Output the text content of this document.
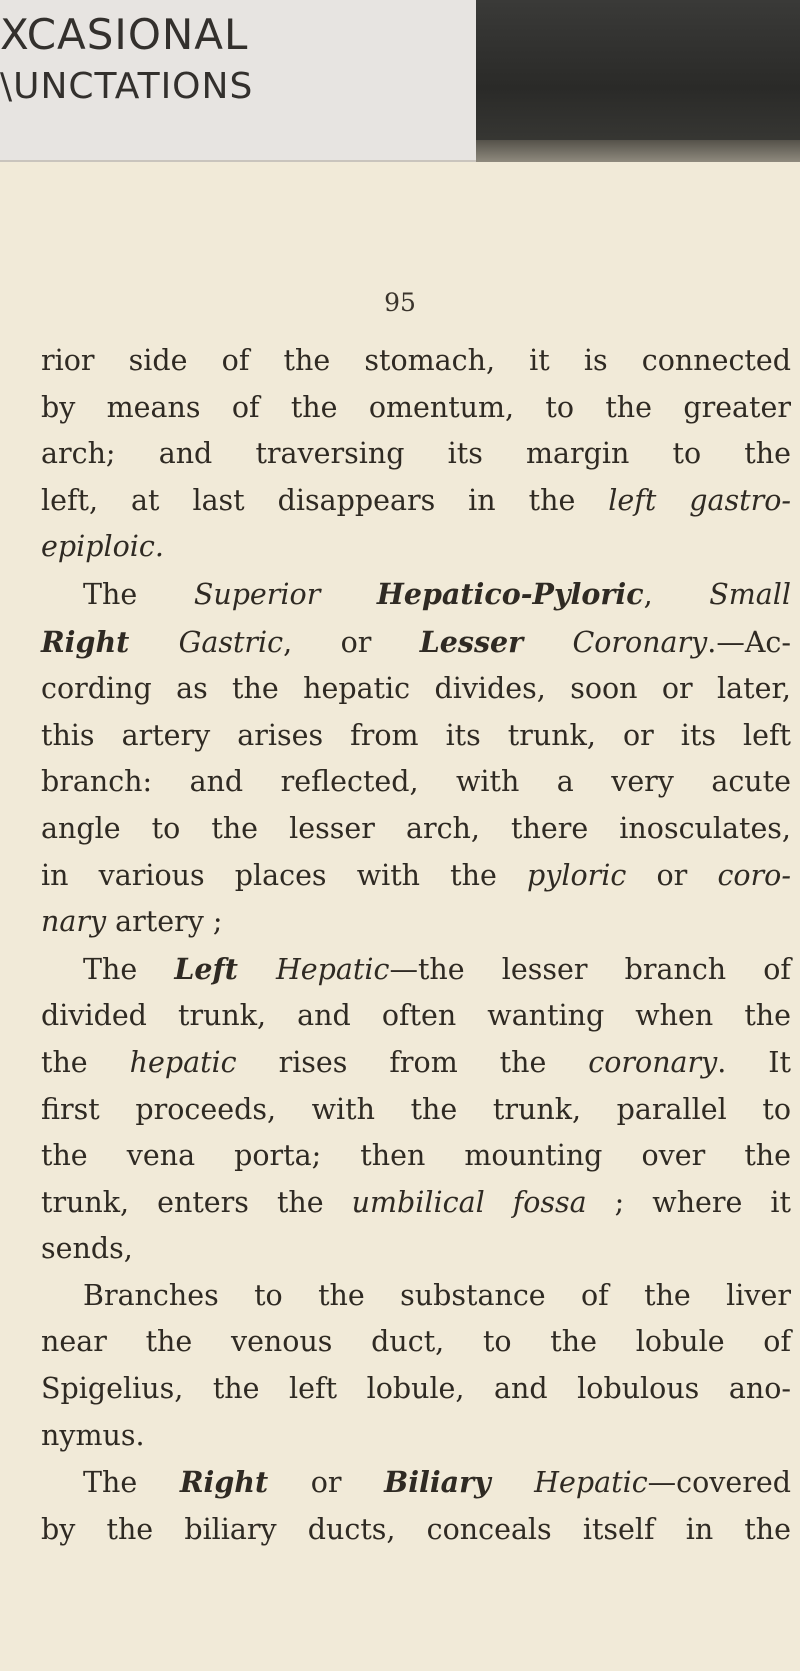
XCASIONAL
\UNCTATIONS
95
rior side of the stomach, it is connected
by means of the omentum, to the greater
arch; and traversing its margin to the
left, at last disappears in the left gastro-
epiploic.
The Superior Hepatico-Pyloric, Small
Right Gastric, or Lesser Coronary.—Ac-
cording as the hepatic divides, soon or later,
this artery arises from its trunk, or its left
branch: and reflected, with a very acute
angle to the lesser arch, there inosculates,
in various places with the pyloric or coro-
nary artery ;
The Left Hepatic—the lesser branch of
divided trunk, and often wanting when the
the hepatic rises from the coronary. It
first proceeds, with the trunk, parallel to
the vena porta; then mounting over the
trunk, enters the umbilical fossa ; where it
sends,
Branches to the substance of the liver
near the venous duct, to the lobule of
Spigelius, the left lobule, and lobulous ano-
nymus.
The Right or Biliary Hepatic—covered
by the biliary ducts, conceals itself in the
